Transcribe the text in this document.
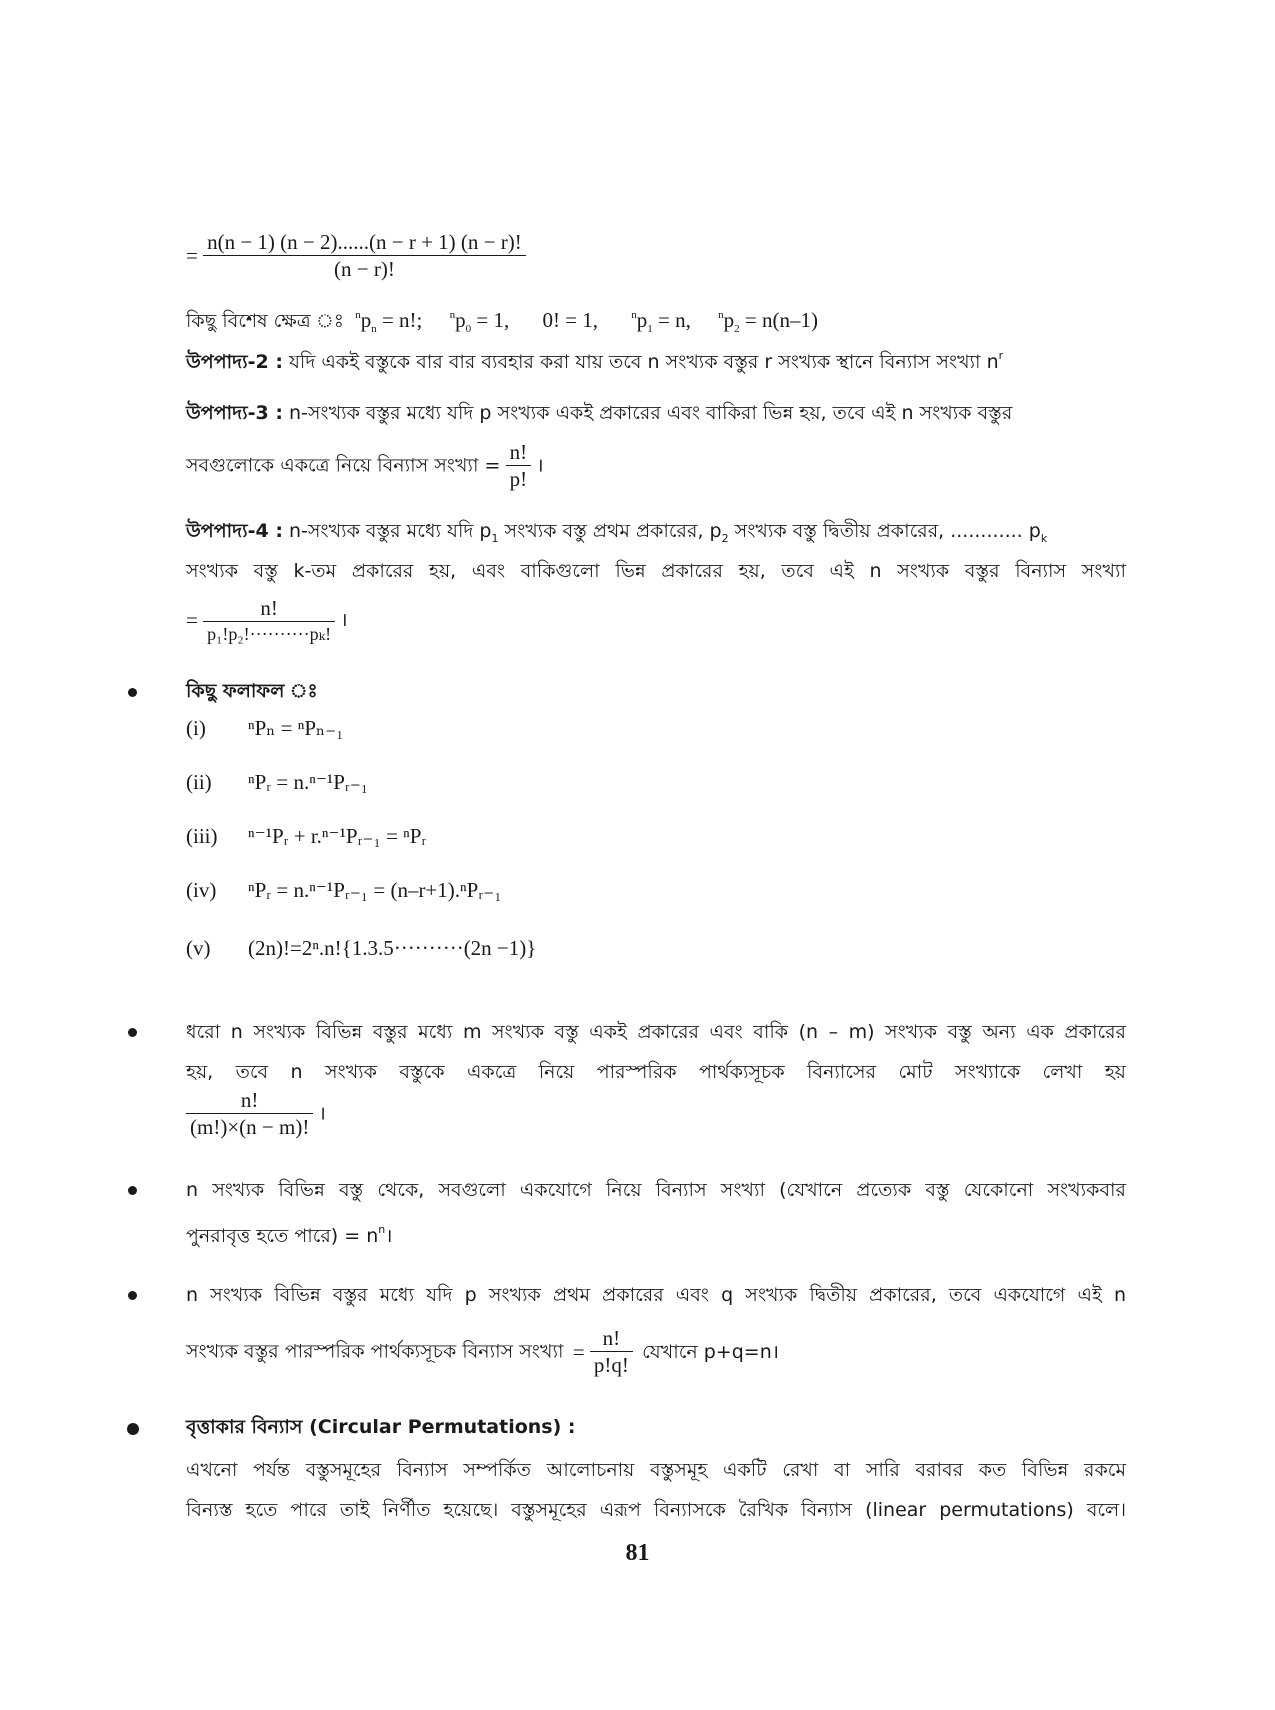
= $\frac{n(n - 1) (n - 2)......(n - r + 1) (n - r)!}{(n - r)!}$
কিছু বিশেষ ক্ষেত্র ঃ $^np_n = n$!; $^np_0 = 1$, 0! = 1,	$^np_1 = n$, $^np_2 = n(n-1)$
উপপাদ্য-2 : যদি একই বস্তুকে বার বার ব্যবহার করা যায় তবে n সংখ্যক বস্তুর r সংখ্যক স্থানে বিন্যাস সংখ্যা $n^r$
উপপাদ্য-3 : n-সংখ্যক বস্তুর মধ্যে যদি p সংখ্যক একই প্রকারের এবং বাকিরা ভিন্ন হয়, তবে এই n সংখ্যক বস্তুর
সবগুলোকে একত্রে নিয়ে বিন্যাস সংখ্যা = $\frac{n!}{p!}$ ।
উপপাদ্য-4 : n-সংখ্যক বস্তুর মধ্যে যদি $p_1$ সংখ্যক বস্তু প্রথম প্রকারের, $p_2$ সংখ্যক বস্তু দ্বিতীয় প্রকারের, ............ $p_k$
সংখ্যক বস্তু k-তম প্রকারের হয়, এবং বাকিগুলো ভিন্ন প্রকারের হয়, তবে এই n সংখ্যক বস্তুর বিন্যাস সংখ্যা
= $\frac{n!}{\text{p₁!p₂!··········pₖ!}}$ ।
কিছু ফলাফল ঃ
(i) ⁿPₙ = ⁿPₙ₋₁
(ii) ⁿPᵣ = n.ⁿ⁻¹Pᵣ₋₁
(iii) ⁿ⁻¹Pᵣ + r.ⁿ⁻¹Pᵣ₋₁ = ⁿPᵣ
(iv) ⁿPᵣ = n.ⁿ⁻¹Pᵣ₋₁ = (n–r+1).ⁿPᵣ₋₁
(v) (2n)!=2ⁿ.n!{1.3.5··········(2n −1)}
ধরো n সংখ্যক বিভিন্ন বস্তুর মধ্যে m সংখ্যক বস্তু একই প্রকারের এবং বাকি (n – m) সংখ্যক বস্তু অন্য এক প্রকারের
হয়, তবে n সংখ্যক বস্তুকে একত্রে নিয়ে পারস্পরিক পার্থক্যসূচক বিন্যাসের মোট সংখ্যাকে লেখা হয়
$\frac{n!}{(m!)\times(n - m)!}$ ।
n সংখ্যক বিভিন্ন বস্তু থেকে, সবগুলো একযোগে নিয়ে বিন্যাস সংখ্যা (যেখানে প্রত্যেক বস্তু যেকোনো সংখ্যকবার
পুনরাবৃত্ত হতে পারে) = $n^n।$
n সংখ্যক বিভিন্ন বস্তুর মধ্যে যদি p সংখ্যক প্রথম প্রকারের এবং q সংখ্যক দ্বিতীয় প্রকারের, তবে একযোগে এই n
সংখ্যক বস্তুর পারস্পরিক পার্থক্যসূচক বিন্যাস সংখ্যা = $\frac{n!}{p!q!}$ যেখানে p+q=n।
বৃত্তাকার বিন্যাস (Circular Permutations) :
এখনো পর্যন্ত বস্তুসমূহের বিন্যাস সম্পর্কিত আলোচনায় বস্তুসমূহ একটি রেখা বা সারি বরাবর কত বিভিন্ন রকমে
বিন্যস্ত হতে পারে তাই নির্ণীত হয়েছে। বস্তুসমূহের এরূপ বিন্যাসকে রৈখিক বিন্যাস (linear permutations) বলে।
81
